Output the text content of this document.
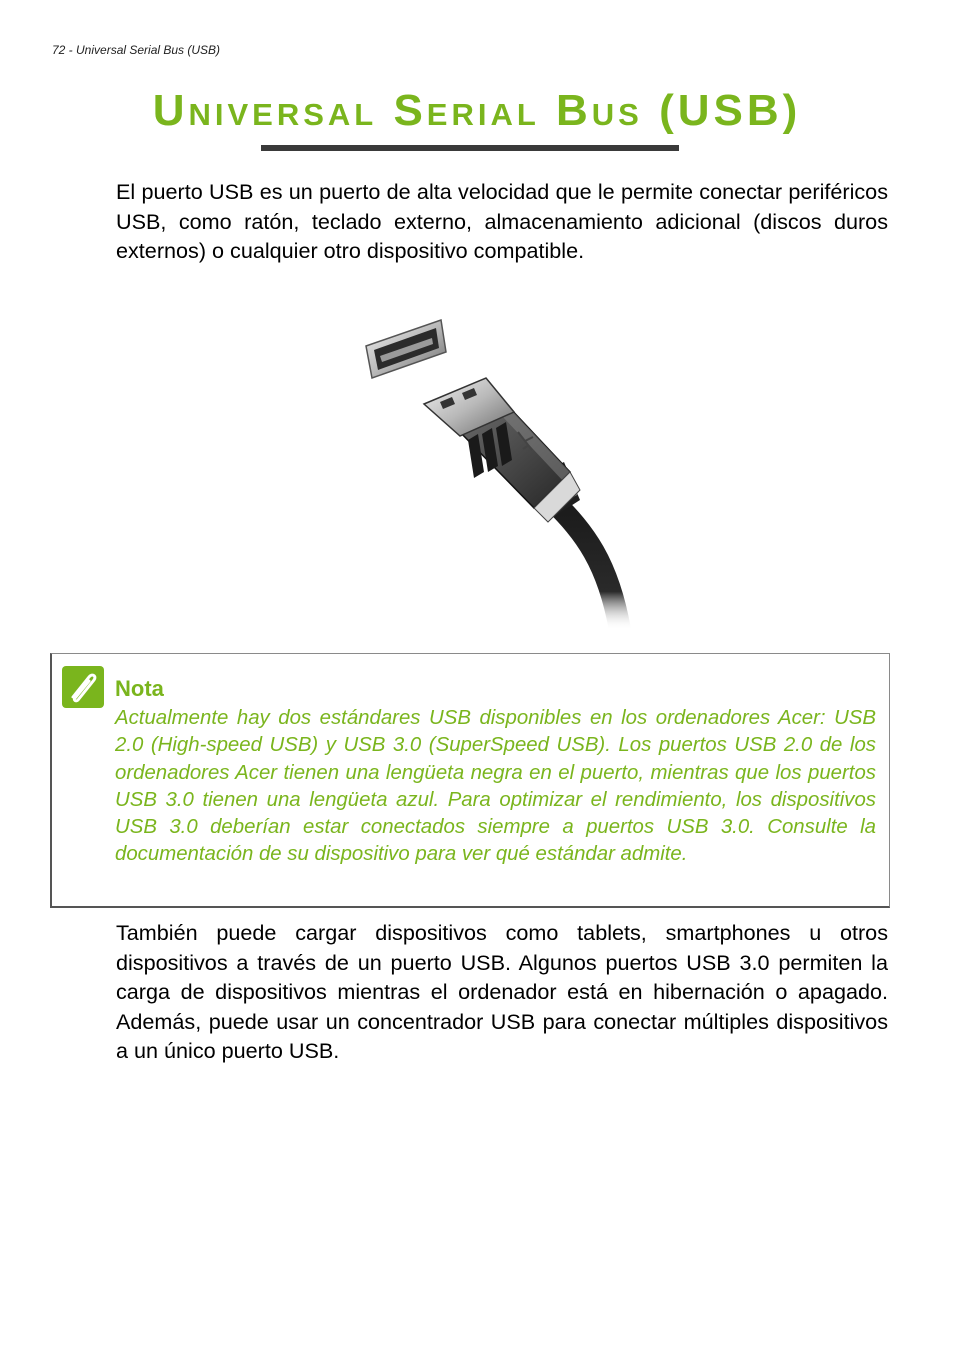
72 - Universal Serial Bus (USB)
Universal Serial Bus (USB)

El puerto USB es un puerto de alta velocidad que le permite conectar periféricos USB, como ratón, teclado externo, almacenamiento adicional (discos duros externos) o cualquier otro dispositivo compatible.

Nota

Actualmente hay dos estándares USB disponibles en los ordenadores Acer: USB 2.0 (High-speed USB) y USB 3.0 (SuperSpeed USB). Los puertos USB 2.0 de los ordenadores Acer tienen una lengüeta negra en el puerto, mientras que los puertos USB 3.0 tienen una lengüeta azul. Para optimizar el rendimiento, los dispositivos USB 3.0 deberían estar conectados siempre a puertos USB 3.0. Consulte la documentación de su dispositivo para ver qué estándar admite.

También puede cargar dispositivos como tablets, smartphones u otros dispositivos a través de un puerto USB. Algunos puertos USB 3.0 permiten la carga de dispositivos mientras el ordenador está en hibernación o apagado. Además, puede usar un concentrador USB para conectar múltiples dispositivos a un único puerto USB.
